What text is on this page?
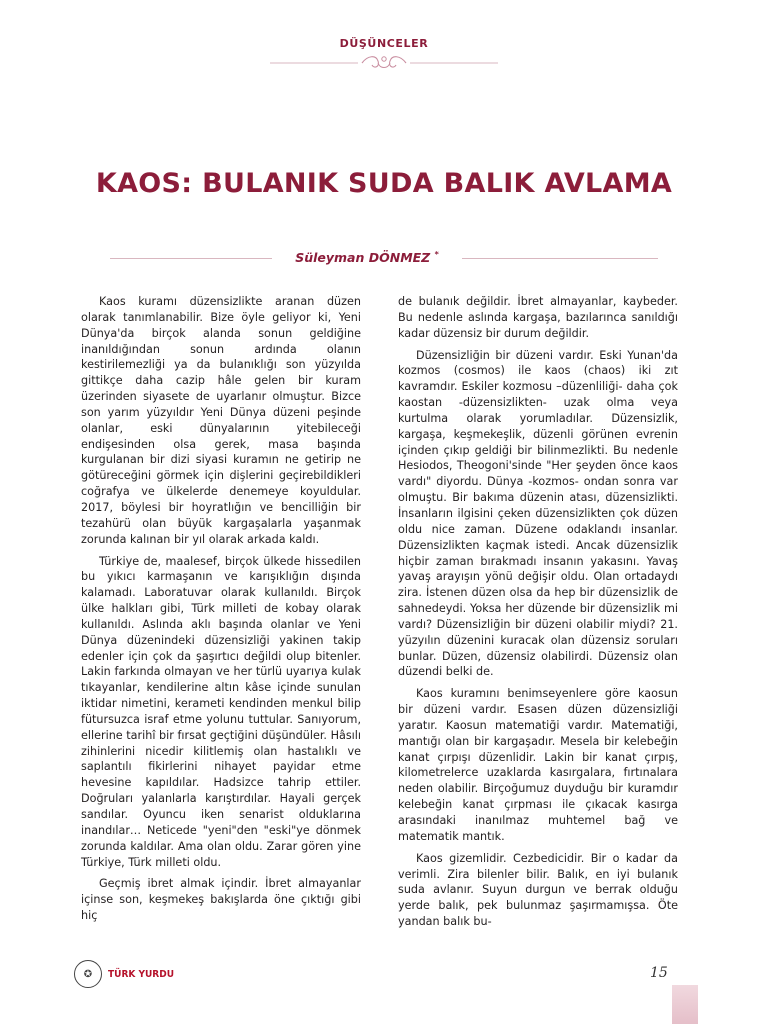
DÜŞÜNCELER
KAOS: BULANIK SUDA BALIK AVLAMA
Süleyman DÖNMEZ *

Kaos kuramı düzensizlikte aranan düzen olarak tanımlanabilir. Bize öyle geliyor ki, Yeni Dünya'da birçok alanda sonun geldiğine inanıldığından sonun ardında olanın kestirilemezliği ya da bulanıklığı son yüzyılda gittikçe daha cazip hâle gelen bir kuram üzerinden siyasete de uyarlanır olmuştur. Bizce son yarım yüzyıldır Yeni Dünya düzeni peşinde olanlar, eski dünyalarının yitebileceği endişesinden olsa gerek, masa başında kurgulanan bir dizi siyasi kuramın ne getirip ne götüreceğini görmek için dişlerini geçirebildikleri coğrafya ve ülkelerde denemeye koyuldular. 2017, böylesi bir hoyratlığın ve bencilliğin bir tezahürü olan büyük kargaşalarla yaşanmak zorunda kalınan bir yıl olarak arkada kaldı.

Türkiye de, maalesef, birçok ülkede hissedilen bu yıkıcı karmaşanın ve karışıklığın dışında kalamadı. Laboratuvar olarak kullanıldı. Birçok ülke halkları gibi, Türk milleti de kobay olarak kullanıldı. Aslında aklı başında olanlar ve Yeni Dünya düzenindeki düzensizliği yakinen takip edenler için çok da şaşırtıcı değildi olup bitenler. Lakin farkında olmayan ve her türlü uyarıya kulak tıkayanlar, kendilerine altın kâse içinde sunulan iktidar nimetini, kerameti kendinden menkul bilip fütursuzca israf etme yolunu tuttular. Sanıyorum, ellerine tarihî bir fırsat geçtiğini düşündüler. Hâsılı zihinlerini nicedir kilitlemiş olan hastalıklı ve saplantılı fikirlerini nihayet payidar etme hevesine kapıldılar. Hadsizce tahrip ettiler. Doğruları yalanlarla karıştırdılar. Hayali gerçek sandılar. Oyuncu iken senarist olduklarına inandılar… Neticede "yeni"den "eski"ye dönmek zorunda kaldılar. Ama olan oldu. Zarar gören yine Türkiye, Türk milleti oldu.

Geçmiş ibret almak içindir. İbret almayanlar içinse son, keşmekeş bakışlarda öne çıktığı gibi hiç

de bulanık değildir. İbret almayanlar, kaybeder. Bu nedenle aslında kargaşa, bazılarınca sanıldığı kadar düzensiz bir durum değildir.

Düzensizliğin bir düzeni vardır. Eski Yunan'da kozmos (cosmos) ile kaos (chaos) iki zıt kavramdır. Eskiler kozmosu –düzenliliği- daha çok kaostan -düzensizlikten- uzak olma veya kurtulma olarak yorumladılar. Düzensizlik, kargaşa, keşmekeşlik, düzenli görünen evrenin içinden çıkıp geldiği bir bilinmezlikti. Bu nedenle Hesiodos, Theogoni'sinde "Her şeyden önce kaos vardı" diyordu. Dünya -kozmos- ondan sonra var olmuştu. Bir bakıma düzenin atası, düzensizlikti. İnsanların ilgisini çeken düzensizlikten çok düzen oldu nice zaman. Düzene odaklandı insanlar. Düzensizlikten kaçmak istedi. Ancak düzensizlik hiçbir zaman bırakmadı insanın yakasını. Yavaş yavaş arayışın yönü değişir oldu. Olan ortadaydı zira. İstenen düzen olsa da hep bir düzensizlik de sahnedeydi. Yoksa her düzende bir düzensizlik mi vardı? Düzensizliğin bir düzeni olabilir miydi? 21. yüzyılın düzenini kuracak olan düzensiz soruları bunlar. Düzen, düzensiz olabilirdi. Düzensiz olan düzendi belki de.

Kaos kuramını benimseyenlere göre kaosun bir düzeni vardır. Esasen düzen düzensizliği yaratır. Kaosun matematiği vardır. Matematiği, mantığı olan bir kargaşadır. Mesela bir kelebeğin kanat çırpışı düzenlidir. Lakin bir kanat çırpış, kilometrelerce uzaklarda kasırgalara, fırtınalara neden olabilir. Birçoğumuz duyduğu bir kuramdır kelebeğin kanat çırpması ile çıkacak kasırga arasındaki inanılmaz muhtemel bağ ve matematik mantık.

Kaos gizemlidir. Cezbedicidir. Bir o kadar da verimli. Zira bilenler bilir. Balık, en iyi bulanık suda avlanır. Suyun durgun ve berrak olduğu yerde balık, pek bulunmaz şaşırmamışsa. Öte yandan balık bu-

✪	TÜRK YURDU	15
